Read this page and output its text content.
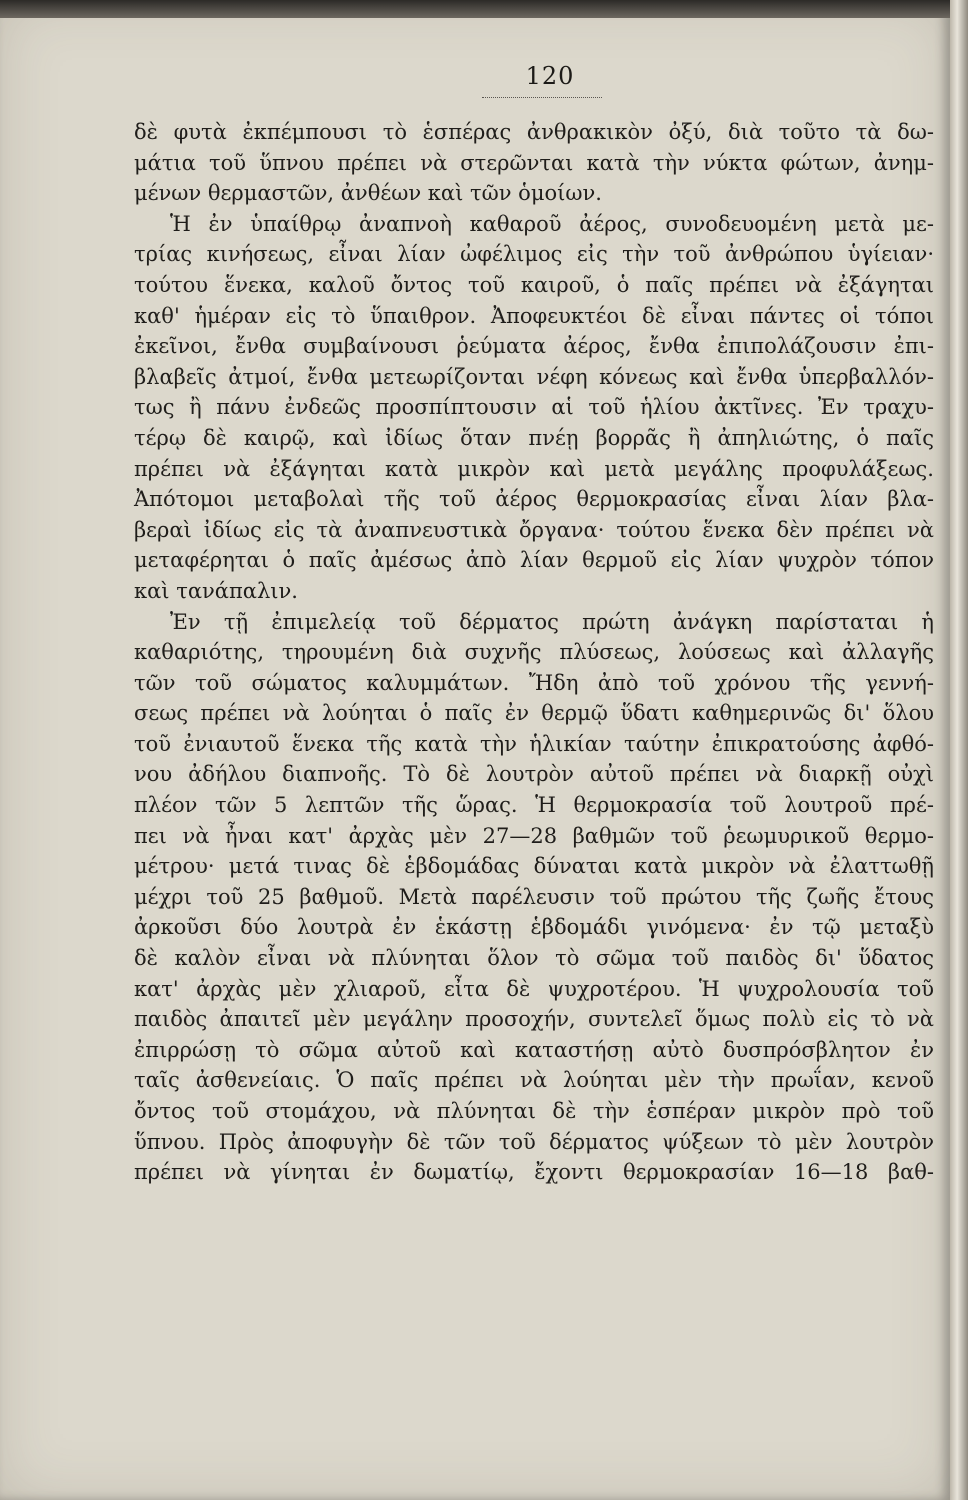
120
δὲ φυτὰ ἐκπέμπουσι τὸ ἑσπέρας ἀνθρακικὸν ὀξύ, διὰ τοῦτο τὰ δω-
μάτια τοῦ ὕπνου πρέπει νὰ στερῶνται κατὰ τὴν νύκτα φώτων, ἀνημ-
μένων θερμαστῶν, ἀνθέων καὶ τῶν ὁμοίων.
Ἡ ἐν ὑπαίθρῳ ἀναπνοὴ καθαροῦ ἀέρος, συνοδευομένη μετὰ με-
τρίας κινήσεως, εἶναι λίαν ὠφέλιμος εἰς τὴν τοῦ ἀνθρώπου ὑγίειαν·
τούτου ἕνεκα, καλοῦ ὄντος τοῦ καιροῦ, ὁ παῖς πρέπει νὰ ἐξάγηται
καθ' ἡμέραν εἰς τὸ ὕπαιθρον. Ἀποφευκτέοι δὲ εἶναι πάντες οἱ τόποι
ἐκεῖνοι, ἔνθα συμβαίνουσι ῥεύματα ἀέρος, ἔνθα ἐπιπολάζουσιν ἐπι-
βλαβεῖς ἀτμοί, ἔνθα μετεωρίζονται νέφη κόνεως καὶ ἔνθα ὑπερβαλλόν-
τως ἢ πάνυ ἐνδεῶς προσπίπτουσιν αἱ τοῦ ἡλίου ἀκτῖνες. Ἐν τραχυ-
τέρῳ δὲ καιρῷ, καὶ ἰδίως ὅταν πνέῃ βορρᾶς ἢ ἀπηλιώτης, ὁ παῖς
πρέπει νὰ ἐξάγηται κατὰ μικρὸν καὶ μετὰ μεγάλης προφυλάξεως.
Ἀπότομοι μεταβολαὶ τῆς τοῦ ἀέρος θερμοκρασίας εἶναι λίαν βλα-
βεραὶ ἰδίως εἰς τὰ ἀναπνευστικὰ ὄργανα· τούτου ἕνεκα δὲν πρέπει νὰ
μεταφέρηται ὁ παῖς ἀμέσως ἀπὸ λίαν θερμοῦ εἰς λίαν ψυχρὸν τόπον
καὶ τανάπαλιν.
Ἐν τῇ ἐπιμελείᾳ τοῦ δέρματος πρώτη ἀνάγκη παρίσταται ἡ
καθαριότης, τηρουμένη διὰ συχνῆς πλύσεως, λούσεως καὶ ἀλλαγῆς
τῶν τοῦ σώματος καλυμμάτων. Ἤδη ἀπὸ τοῦ χρόνου τῆς γεννή-
σεως πρέπει νὰ λούηται ὁ παῖς ἐν θερμῷ ὕδατι καθημερινῶς δι' ὅλου
τοῦ ἐνιαυτοῦ ἕνεκα τῆς κατὰ τὴν ἡλικίαν ταύτην ἐπικρατούσης ἀφθό-
νου ἀδήλου διαπνοῆς. Τὸ δὲ λουτρὸν αὐτοῦ πρέπει νὰ διαρκῇ οὐχὶ
πλέον τῶν 5 λεπτῶν τῆς ὥρας. Ἡ θερμοκρασία τοῦ λουτροῦ πρέ-
πει νὰ ἦναι κατ' ἀρχὰς μὲν 27—28 βαθμῶν τοῦ ῥεωμυρικοῦ θερμο-
μέτρου· μετά τινας δὲ ἑβδομάδας δύναται κατὰ μικρὸν νὰ ἐλαττωθῇ
μέχρι τοῦ 25 βαθμοῦ. Μετὰ παρέλευσιν τοῦ πρώτου τῆς ζωῆς ἔτους
ἀρκοῦσι δύο λουτρὰ ἐν ἑκάστῃ ἑβδομάδι γινόμενα· ἐν τῷ μεταξὺ
δὲ καλὸν εἶναι νὰ πλύνηται ὅλον τὸ σῶμα τοῦ παιδὸς δι' ὕδατος
κατ' ἀρχὰς μὲν χλιαροῦ, εἶτα δὲ ψυχροτέρου. Ἡ ψυχρολουσία τοῦ
παιδὸς ἀπαιτεῖ μὲν μεγάλην προσοχήν, συντελεῖ ὅμως πολὺ εἰς τὸ νὰ
ἐπιρρώσῃ τὸ σῶμα αὐτοῦ καὶ καταστήσῃ αὐτὸ δυσπρόσβλητον ἐν
ταῖς ἀσθενείαις. Ὁ παῖς πρέπει νὰ λούηται μὲν τὴν πρωΐαν, κενοῦ
ὄντος τοῦ στομάχου, νὰ πλύνηται δὲ τὴν ἑσπέραν μικρὸν πρὸ τοῦ
ὕπνου. Πρὸς ἀποφυγὴν δὲ τῶν τοῦ δέρματος ψύξεων τὸ μὲν λουτρὸν
πρέπει νὰ γίνηται ἐν δωματίῳ, ἔχοντι θερμοκρασίαν 16—18 βαθ-
